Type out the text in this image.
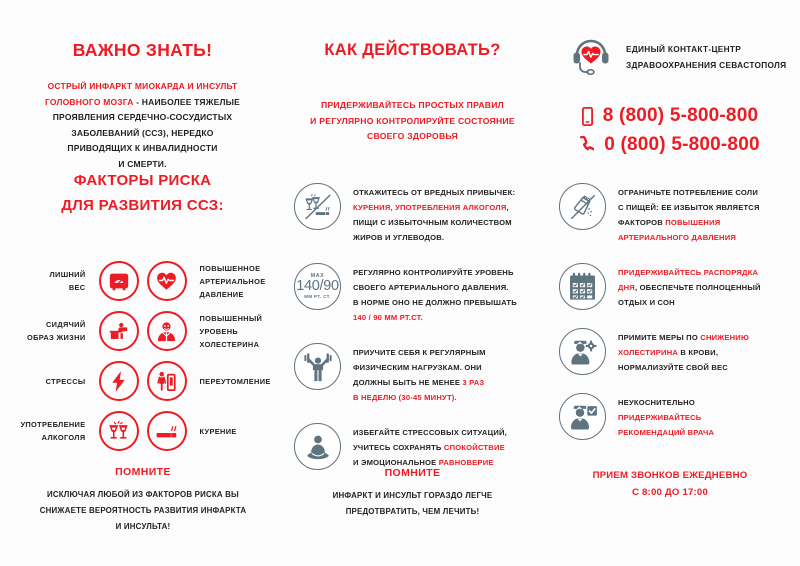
ВАЖНО ЗНАТЬ!
ОСТРЫЙ ИНФАРКТ МИОКАРДА И ИНСУЛЬТ
ГОЛОВНОГО МОЗГА - НАИБОЛЕЕ ТЯЖЕЛЫЕ
ПРОЯВЛЕНИЯ СЕРДЕЧНО-СОСУДИСТЫХ
ЗАБОЛЕВАНИЙ (ССЗ), НЕРЕДКО
ПРИВОДЯЩИХ К ИНВАЛИДНОСТИ
И СМЕРТИ.
ФАКТОРЫ РИСКА
ДЛЯ РАЗВИТИЯ ССЗ:
ЛИШНИЙ
ВЕС
ПОВЫШЕННОЕ
АРТЕРИАЛЬНОЕ
ДАВЛЕНИЕ
СИДЯЧИЙ
ОБРАЗ ЖИЗНИ
ПОВЫШЕННЫЙ
УРОВЕНЬ
ХОЛЕСТЕРИНА
СТРЕССЫ	ПЕРЕУТОМЛЕНИЕ
УПОТРЕБЛЕНИЕ
АЛКОГОЛЯ
КУРЕНИЕ
ПОМНИТЕ
ИСКЛЮЧАЯ ЛЮБОЙ ИЗ ФАКТОРОВ РИСКА ВЫ
СНИЖАЕТЕ ВЕРОЯТНОСТЬ РАЗВИТИЯ ИНФАРКТА
И ИНСУЛЬТА!
КАК ДЕЙСТВОВАТЬ?
ПРИДЕРЖИВАЙТЕСЬ ПРОСТЫХ ПРАВИЛ
И РЕГУЛЯРНО КОНТРОЛИРУЙТЕ СОСТОЯНИЕ
СВОЕГО ЗДОРОВЬЯ
ОТКАЖИТЕСЬ ОТ ВРЕДНЫХ ПРИВЫЧЕК:
КУРЕНИЯ, УПОТРЕБЛЕНИЯ АЛКОГОЛЯ,
ПИЩИ С ИЗБЫТОЧНЫМ КОЛИЧЕСТВОМ
ЖИРОВ И УГЛЕВОДОВ.
MAX
140/90
ММ РТ. СТ.
РЕГУЛЯРНО КОНТРОЛИРУЙТЕ УРОВЕНЬ
СВОЕГО АРТЕРИАЛЬНОГО ДАВЛЕНИЯ.
В НОРМЕ ОНО НЕ ДОЛЖНО ПРЕВЫШАТЬ
140 / 90 ММ РТ.СТ.
ПРИУЧИТЕ СЕБЯ К РЕГУЛЯРНЫМ
ФИЗИЧЕСКИМ НАГРУЗКАМ. ОНИ
ДОЛЖНЫ БЫТЬ НЕ МЕНЕЕ 3 РАЗ
В НЕДЕЛЮ (30-45 МИНУТ).
ИЗБЕГАЙТЕ СТРЕССОВЫХ СИТУАЦИЙ,
УЧИТЕСЬ СОХРАНЯТЬ СПОКОЙСТВИЕ
И ЭМОЦИОНАЛЬНОЕ РАВНОВЕРИЕ
ПОМНИТЕ
ИНФАРКТ И ИНСУЛЬТ ГОРАЗДО ЛЕГЧЕ
ПРЕДОТВРАТИТЬ, ЧЕМ ЛЕЧИТЬ!
ЕДИНЫЙ КОНТАКТ-ЦЕНТР
ЗДРАВООХРАНЕНИЯ СЕВАСТОПОЛЯ
8 (800) 5-800-800
0 (800) 5-800-800
ОГРАНИЧЬТЕ ПОТРЕБЛЕНИЕ СОЛИ
С ПИЩЕЙ: ЕЕ ИЗБЫТОК ЯВЛЯЕТСЯ
ФАКТОРОВ ПОВЫШЕНИЯ
АРТЕРИАЛЬНОГО ДАВЛЕНИЯ
ПРИДЕРЖИВАЙТЕСЬ РАСПОРЯДКА
ДНЯ, ОБЕСПЕЧЬТЕ ПОЛНОЦЕННЫЙ
ОТДЫХ И СОН
ПРИМИТЕ МЕРЫ ПО СНИЖЕНИЮ
ХОЛЕСТИРИНА В КРОВИ,
НОРМАЛИЗУЙТЕ СВОЙ ВЕС
НЕУКОСНИТЕЛЬНО
ПРИДЕРЖИВАЙТЕСЬ
РЕКОМЕНДАЦИЙ ВРАЧА
ПРИЕМ ЗВОНКОВ ЕЖЕДНЕВНО
С 8:00 ДО 17:00
